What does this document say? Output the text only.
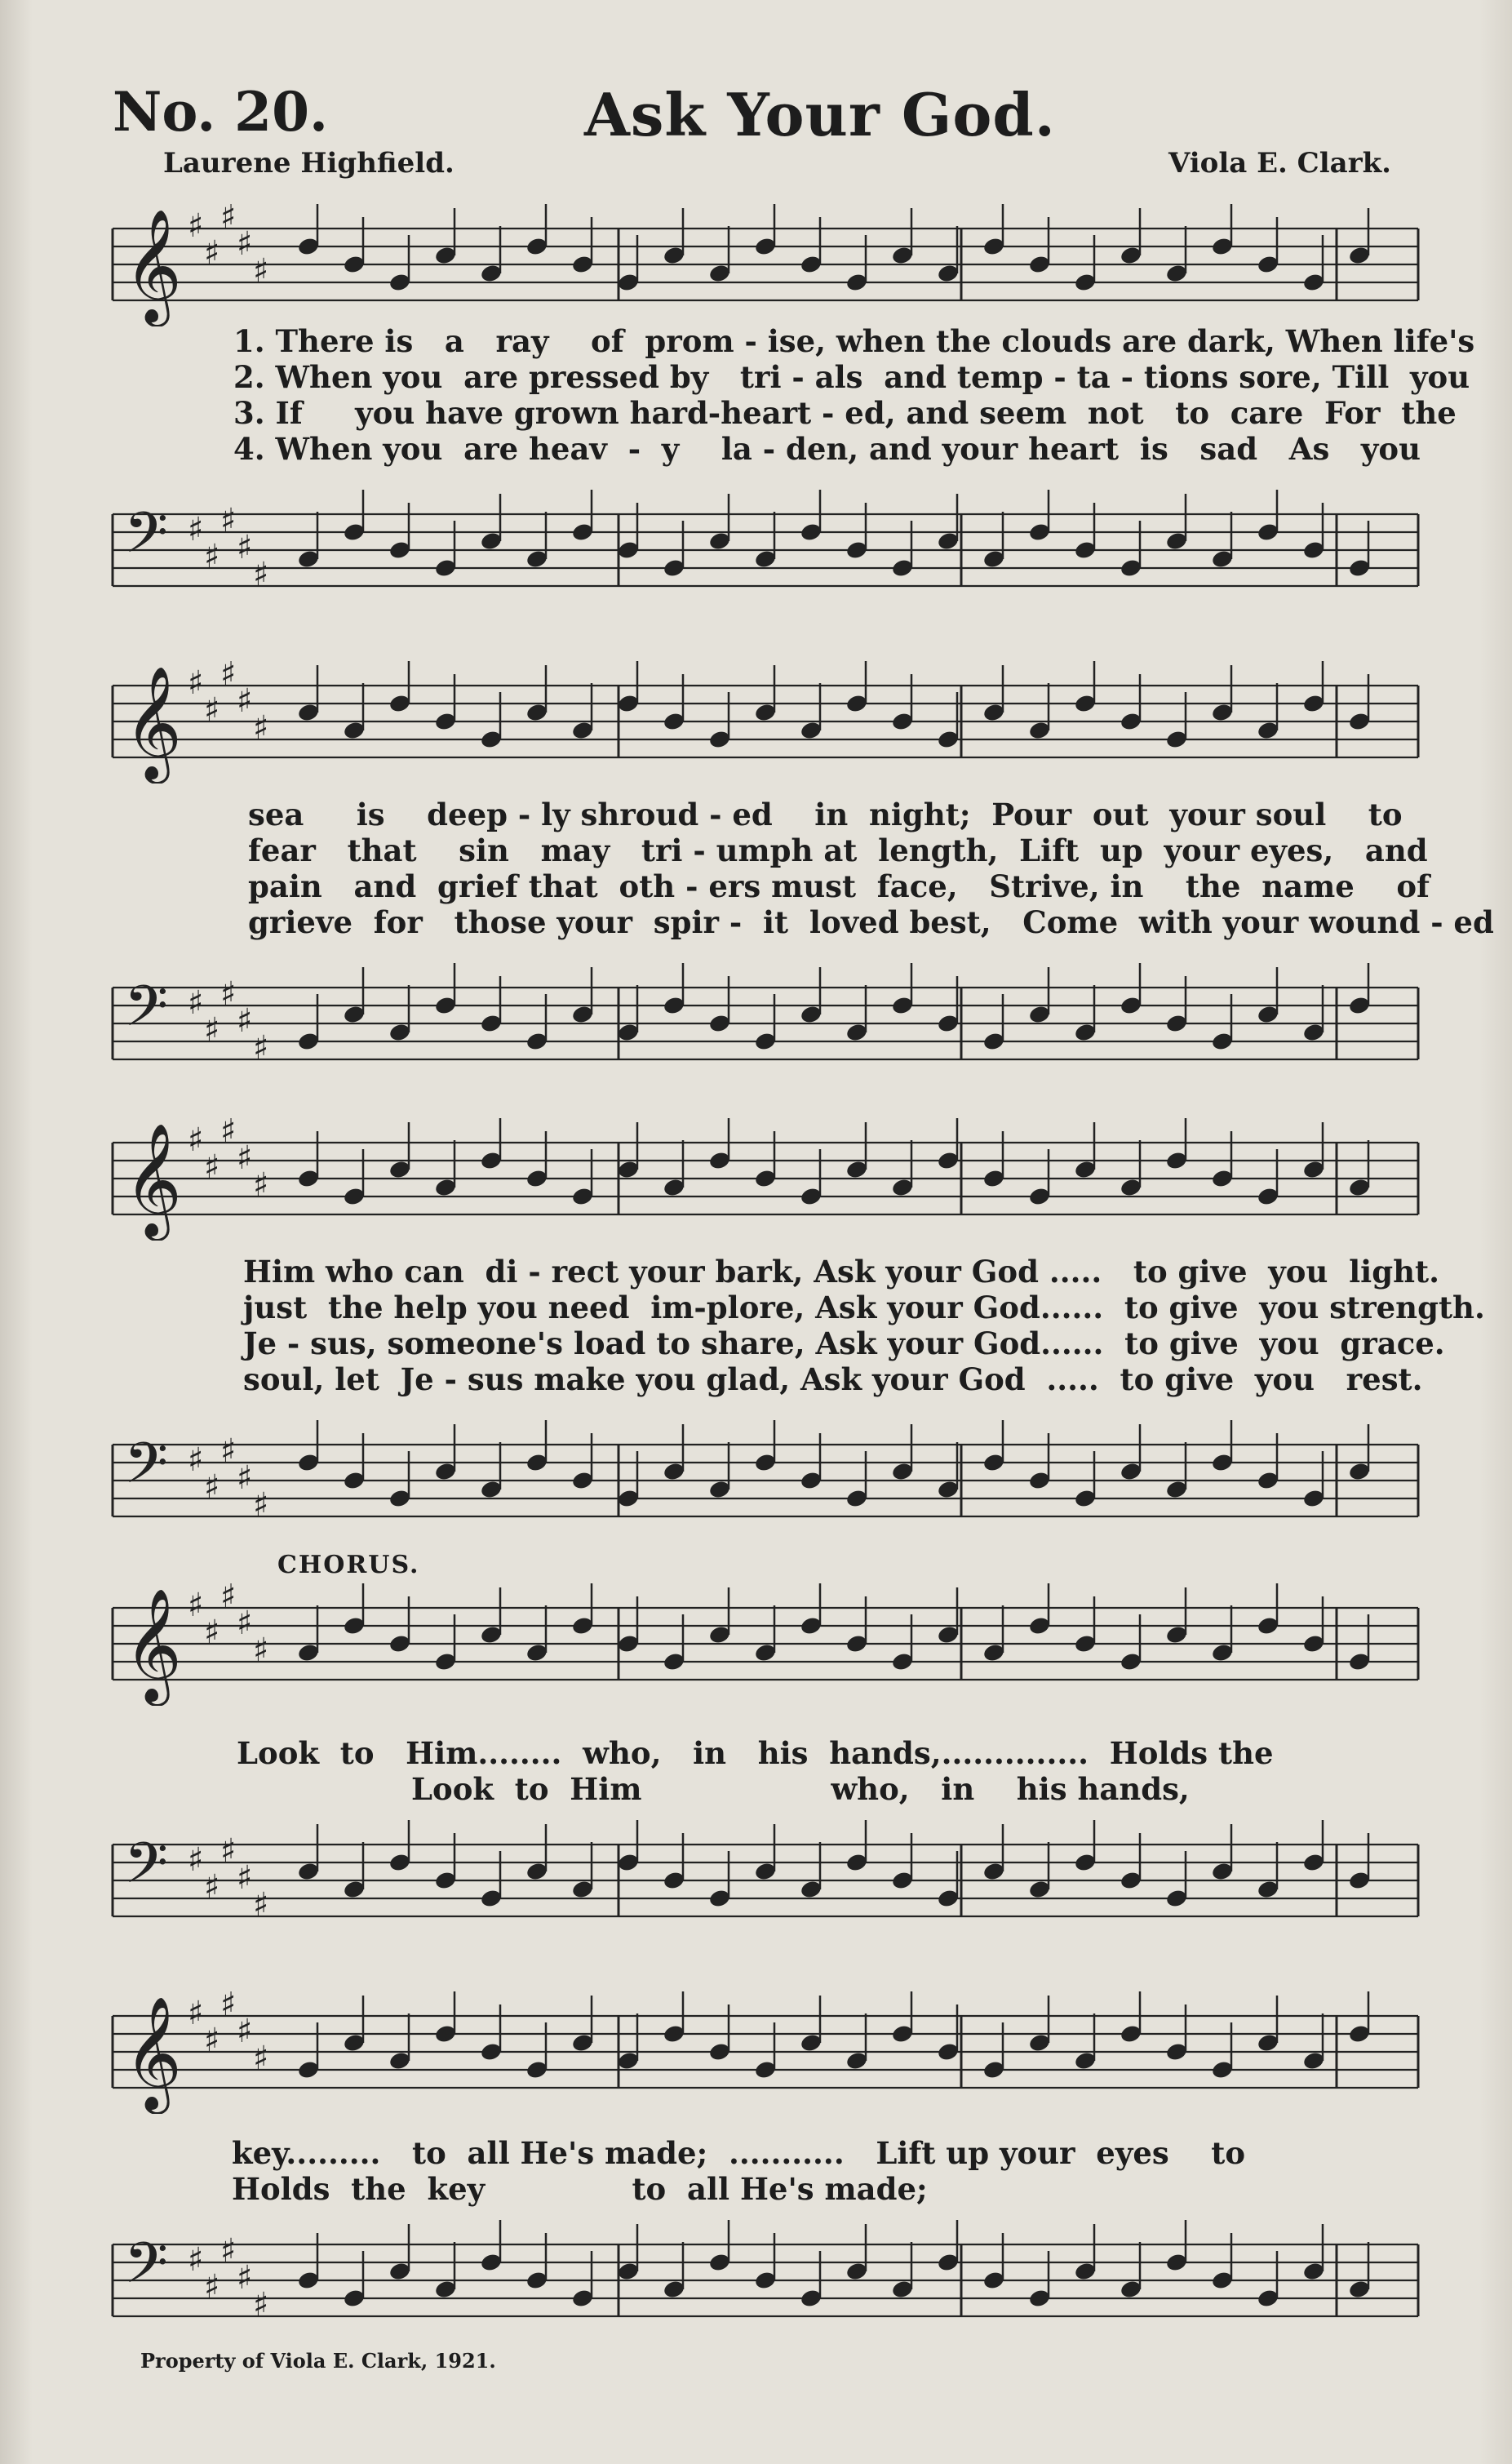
No. 20.	Ask Your God.
Laurene Highfield.	Viola E. Clark.
𝄞 ♯
♯
♯
♯
♯
1. There is   a   ray    of  prom - ise, when the clouds are dark, When life's
2. When you  are pressed by   tri - als  and temp - ta - tions sore, Till  you
3. If     you have grown hard-heart - ed, and seem  not   to  care  For  the
4. When you  are heav  -  y    la - den, and your heart  is   sad   As   you
𝄢 ♯
♯
♯
♯
♯
𝄞 ♯
♯
♯
♯
♯
sea     is    deep - ly shroud - ed    in  night;  Pour  out  your soul    to
fear   that    sin   may   tri - umph at  length,  Lift  up  your eyes,   and
pain   and  grief that  oth - ers must  face,   Strive, in    the  name    of
grieve  for   those your  spir -  it  loved best,   Come  with your wound - ed
𝄢 ♯
♯
♯
♯
♯
𝄞 ♯
♯
♯
♯
♯
Him who can  di - rect your bark, Ask your God .....   to give  you  light.
just  the help you need  im-plore, Ask your God......  to give  you strength.
Je - sus, someone's load to share, Ask your God......  to give  you  grace.
soul, let  Je - sus make you glad, Ask your God  .....  to give  you   rest.
𝄢 ♯
♯
♯
♯
♯
CHORUS.
𝄞 ♯
♯
♯
♯
♯
Look  to   Him........  who,   in   his  hands,..............  Holds the
Look  to  Him                  who,   in    his hands,
𝄢 ♯
♯
♯
♯
♯
𝄞 ♯
♯
♯
♯
♯
key.........   to  all He's made;  ...........   Lift up your  eyes    to
Holds  the  key              to  all He's made;
𝄢 ♯
♯
♯
♯
♯
Property of Viola E. Clark, 1921.
